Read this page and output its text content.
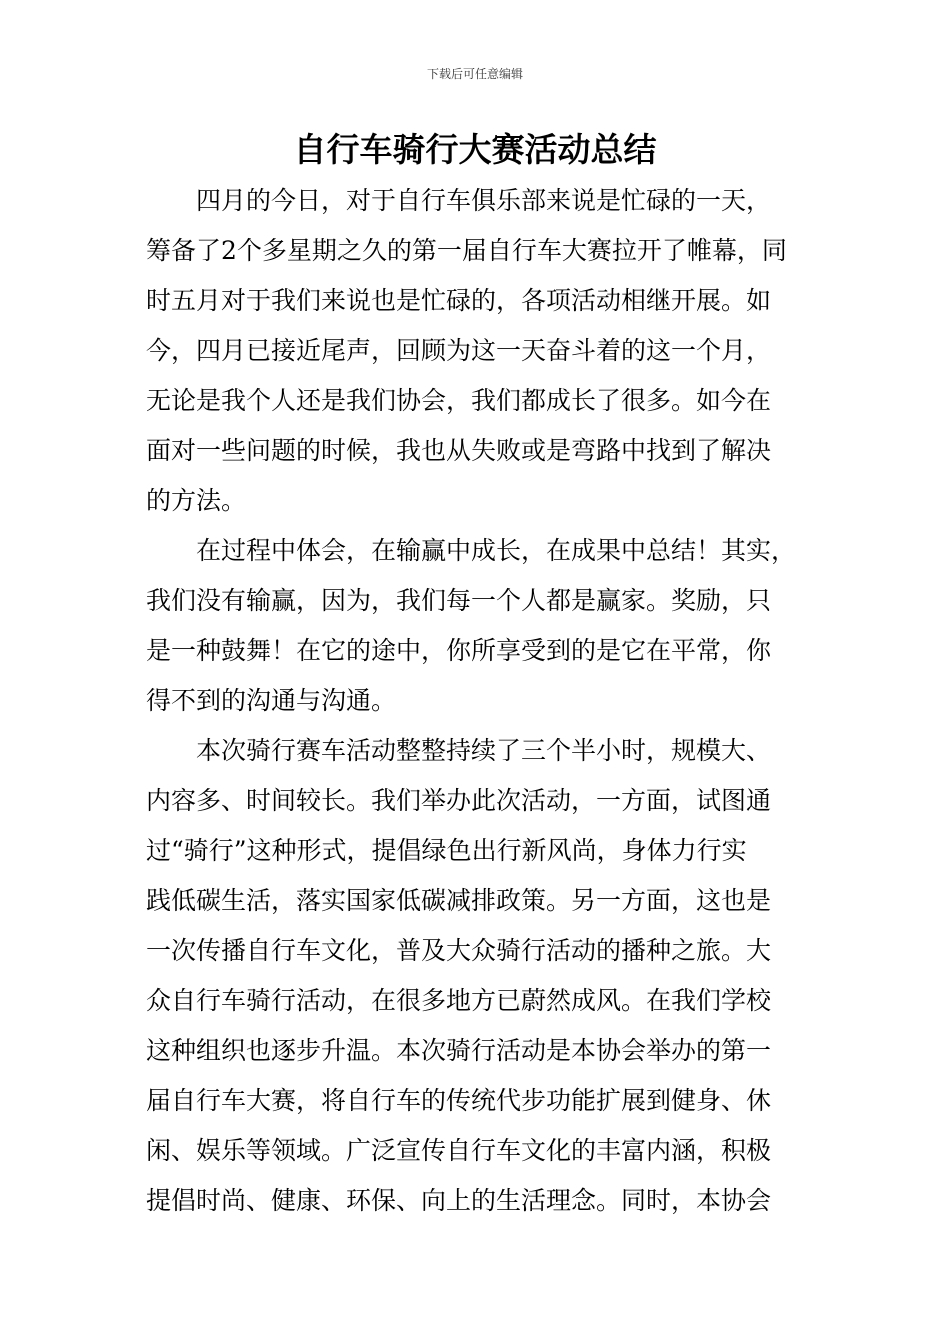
下载后可任意编辑
自行车骑行大赛活动总结

四月的今日，对于自行车俱乐部来说是忙碌的一天，
筹备了2个多星期之久的第一届自行车大赛拉开了帷幕，同
时五月对于我们来说也是忙碌的，各项活动相继开展。如
今，四月已接近尾声，回顾为这一天奋斗着的这一个月，
无论是我个人还是我们协会，我们都成长了很多。如今在
面对一些问题的时候，我也从失败或是弯路中找到了解决
的方法。

在过程中体会，在输赢中成长，在成果中总结！其实，
我们没有输赢，因为，我们每一个人都是赢家。奖励，只
是一种鼓舞！在它的途中，你所享受到的是它在平常，你
得不到的沟通与沟通。

本次骑行赛车活动整整持续了三个半小时，规模大、
内容多、时间较长。我们举办此次活动，一方面，试图通
过“骑行”这种形式，提倡绿色出行新风尚，身体力行实
践低碳生活，落实国家低碳减排政策。另一方面，这也是
一次传播自行车文化，普及大众骑行活动的播种之旅。大
众自行车骑行活动，在很多地方已蔚然成风。在我们学校
这种组织也逐步升温。本次骑行活动是本协会举办的第一
届自行车大赛，将自行车的传统代步功能扩展到健身、休
闲、娱乐等领域。广泛宣传自行车文化的丰富内涵，积极
提倡时尚、健康、环保、向上的生活理念。同时，本协会
